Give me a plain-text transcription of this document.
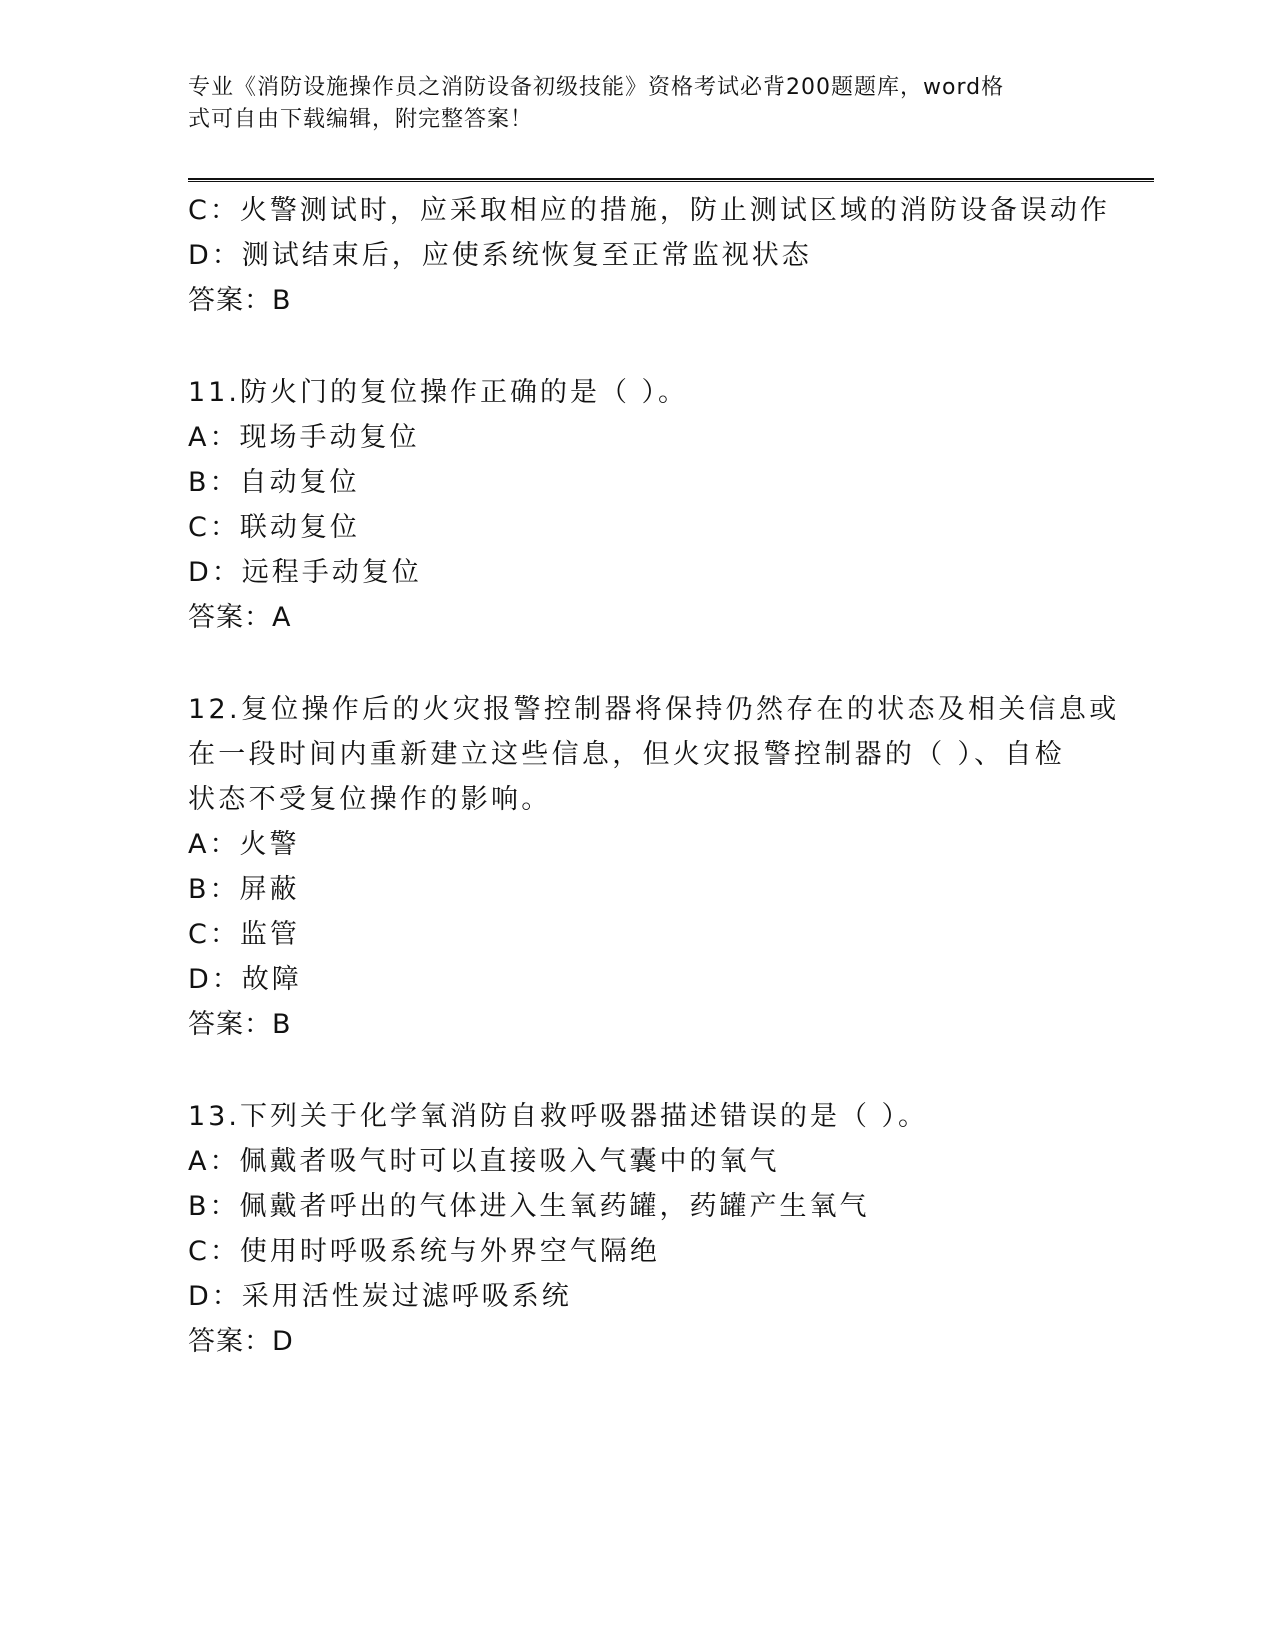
专业《消防设施操作员之消防设备初级技能》资格考试必背200题题库，word格
式可自由下载编辑，附完整答案！
C：火警测试时，应采取相应的措施，防止测试区域的消防设备误动作
D：测试结束后，应使系统恢复至正常监视状态
答案：B
11.防火门的复位操作正确的是（ ）。
A：现场手动复位
B：自动复位
C：联动复位
D：远程手动复位
答案：A
12.复位操作后的火灾报警控制器将保持仍然存在的状态及相关信息或
在一段时间内重新建立这些信息，但火灾报警控制器的（ ）、自检
状态不受复位操作的影响。
A：火警
B：屏蔽
C：监管
D：故障
答案：B
13.下列关于化学氧消防自救呼吸器描述错误的是（ ）。
A：佩戴者吸气时可以直接吸入气囊中的氧气
B：佩戴者呼出的气体进入生氧药罐，药罐产生氧气
C：使用时呼吸系统与外界空气隔绝
D：采用活性炭过滤呼吸系统
答案：D
